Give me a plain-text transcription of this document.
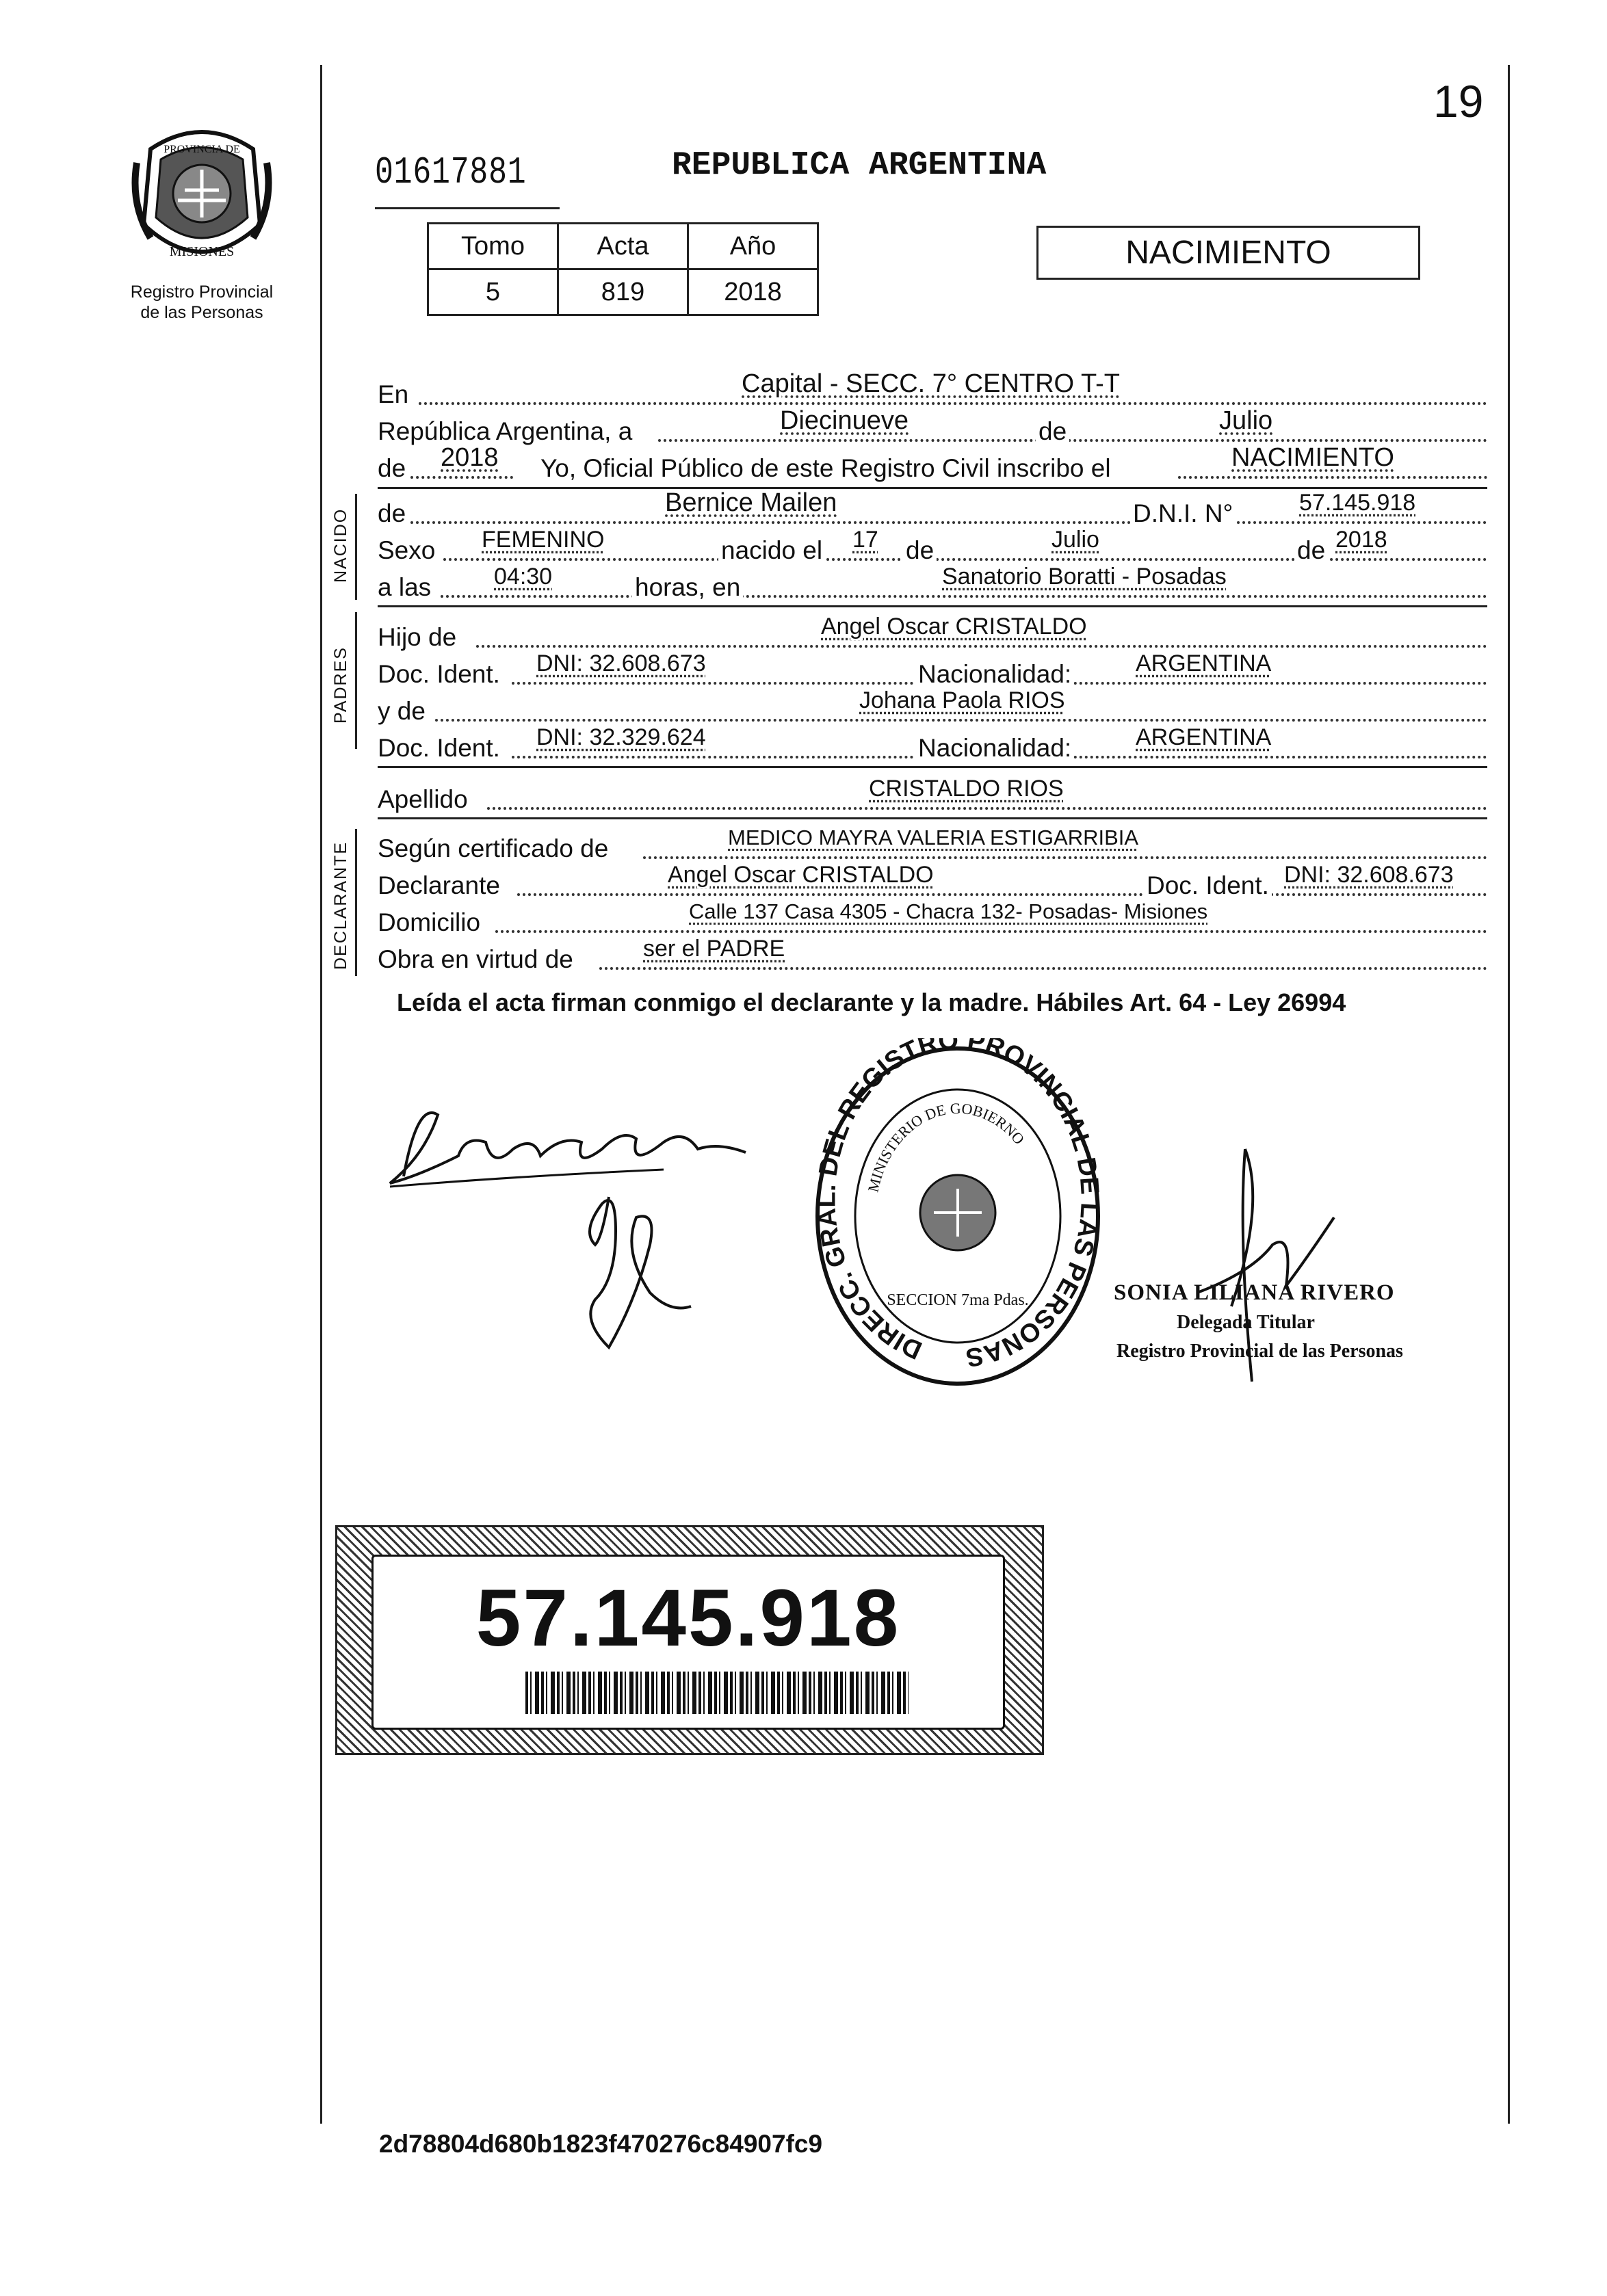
19
PROVINCIA DE
MISIONES
Registro Provincial
de las Personas
01617881	REPUBLICA ARGENTINA
NACIMIENTO
Tomo	Acta	Año
5	819	2018
En	Capital - SECC. 7° CENTRO T-T
República Argentina, a	Diecinueve	de	Julio
de 2018 Yo, Oficial Público de este Registro Civil inscribo el	NACIMIENTO
NACIDO de	Bernice Mailen	D.N.I. N°	57.145.918
Sexo FEMENINO	nacido el 17 de	Julio	de 2018
a las	04:30	horas, en	Sanatorio Boratti - Posadas
PADRES
Hijo de	Angel Oscar CRISTALDO
Doc. Ident. DNI: 32.608.673	Nacionalidad:	ARGENTINA
y de	Johana Paola RIOS
Doc. Ident. DNI: 32.329.624	Nacionalidad:	ARGENTINA
Apellido	CRISTALDO RIOS
DECLARANTE Según certificado de	MEDICO MAYRA VALERIA ESTIGARRIBIA
Declarante	Angel Oscar CRISTALDO	Doc. Ident. DNI: 32.608.673
Domicilio	Calle 137 Casa 4305 - Chacra 132- Posadas- Misiones
Obra en virtud de	ser el PADRE
Leída el acta firman conmigo el declarante y la madre. Hábiles Art. 64 - Ley 26994
DIRECC. GRAL. DEL REGISTRO PROVINCIAL DE LAS PERSONAS
MINISTERIO DE GOBIERNO
SECCION 7ma Pdas.	SONIA LILIANA RIVERO
Delegada Titular
Registro Provincial de las Personas
57.145.918
2d78804d680b1823f470276c84907fc9
